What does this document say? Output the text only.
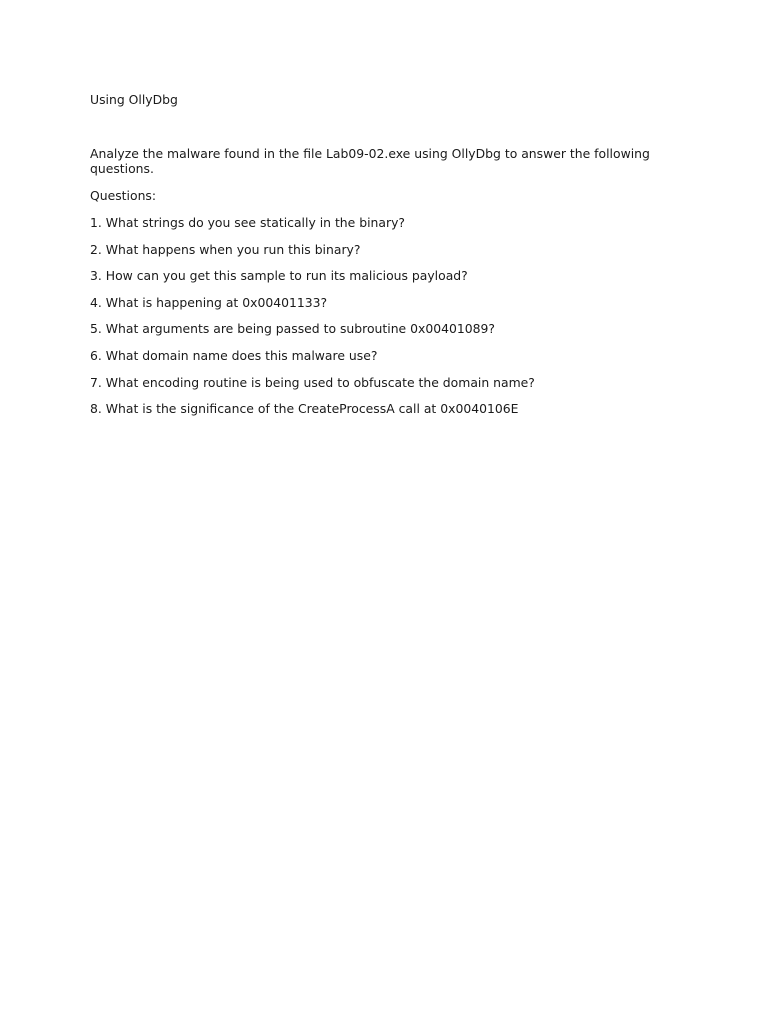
Using OllyDbg
Analyze the malware found in the file Lab09-02.exe using OllyDbg to answer the following questions.
Questions:
1. What strings do you see statically in the binary?
2. What happens when you run this binary?
3. How can you get this sample to run its malicious payload?
4. What is happening at 0x00401133?
5. What arguments are being passed to subroutine 0x00401089?
6. What domain name does this malware use?
7. What encoding routine is being used to obfuscate the domain name?
8. What is the significance of the CreateProcessA call at 0x0040106E
